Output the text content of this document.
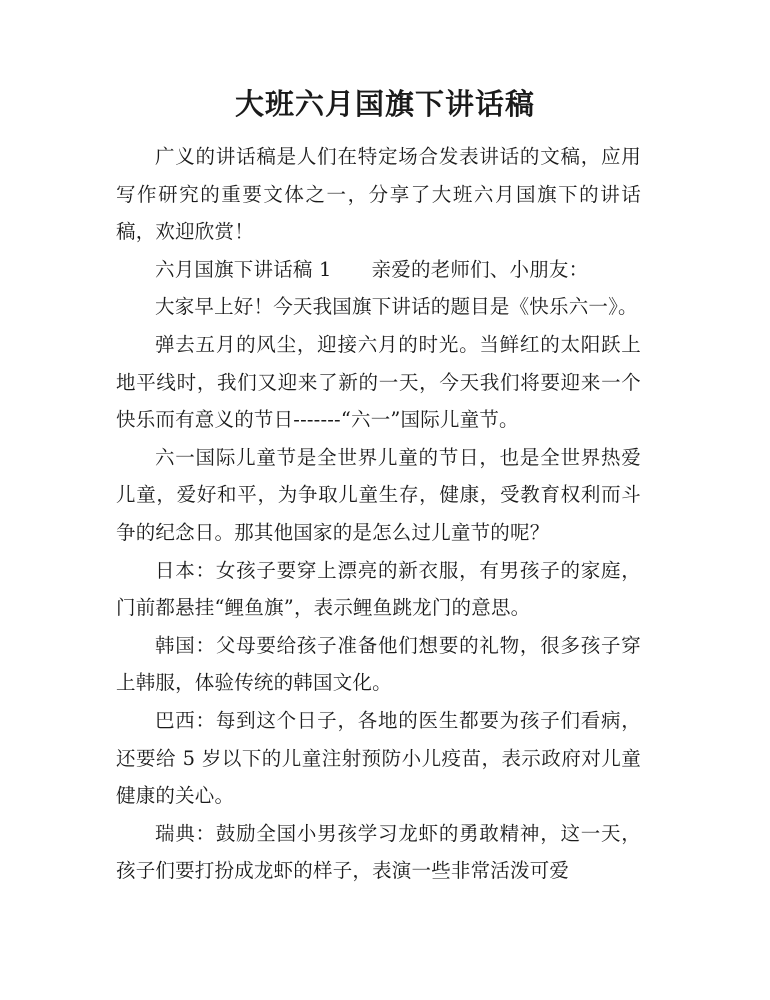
大班六月国旗下讲话稿

广义的讲话稿是人们在特定场合发表讲话的文稿，应用写作研究的重要文体之一，分享了大班六月国旗下的讲话稿，欢迎欣赏！

六月国旗下讲话稿 1 亲爱的老师们、小朋友：

大家早上好！今天我国旗下讲话的题目是《快乐六一》。

弹去五月的风尘，迎接六月的时光。当鲜红的太阳跃上地平线时，我们又迎来了新的一天，今天我们将要迎来一个快乐而有意义的节日-------“六一”国际儿童节。

六一国际儿童节是全世界儿童的节日，也是全世界热爱儿童，爱好和平，为争取儿童生存，健康，受教育权利而斗争的纪念日。那其他国家的是怎么过儿童节的呢？

日本：女孩子要穿上漂亮的新衣服，有男孩子的家庭，门前都悬挂“鲤鱼旗”，表示鲤鱼跳龙门的意思。

韩国：父母要给孩子准备他们想要的礼物，很多孩子穿上韩服，体验传统的韩国文化。

巴西：每到这个日子，各地的医生都要为孩子们看病，还要给 5 岁以下的儿童注射预防小儿疫苗，表示政府对儿童健康的关心。

瑞典：鼓励全国小男孩学习龙虾的勇敢精神，这一天，孩子们要打扮成龙虾的样子，表演一些非常活泼可爱
